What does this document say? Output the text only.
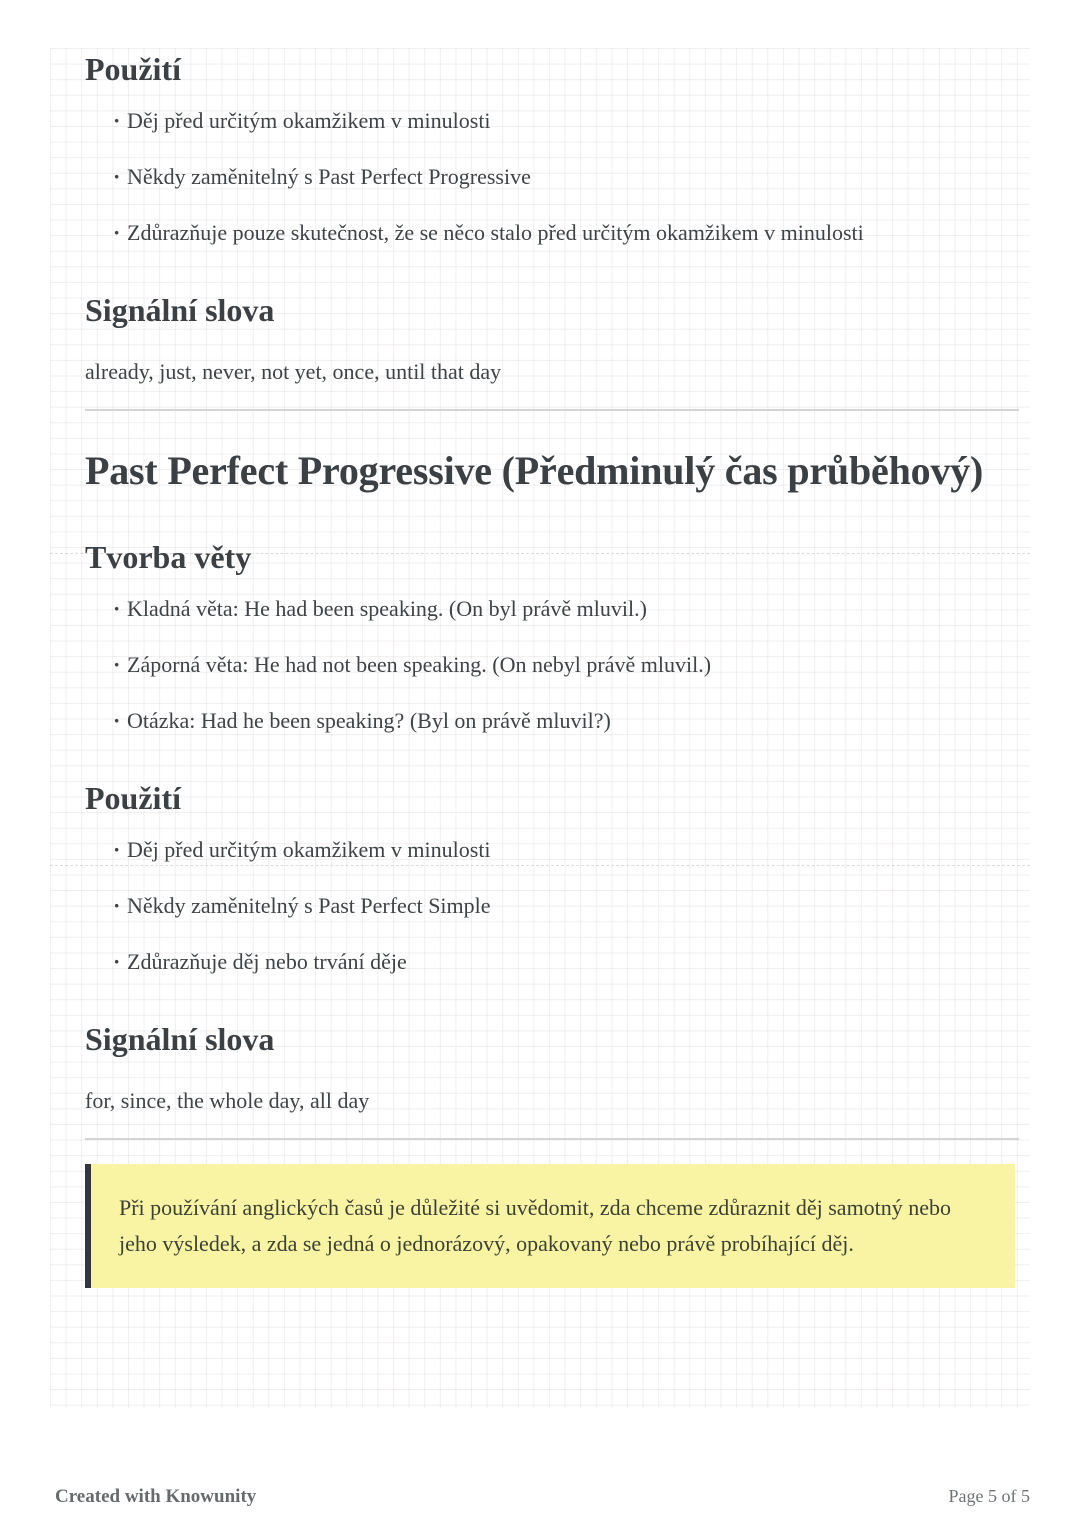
Použití
· Děj před určitým okamžikem v minulosti
· Někdy zaměnitelný s Past Perfect Progressive
· Zdůrazňuje pouze skutečnost, že se něco stalo před určitým okamžikem v minulosti
Signální slova

already, just, never, not yet, once, until that day

Past Perfect Progressive (Předminulý čas průběhový)
Tvorba věty
· Kladná věta: He had been speaking. (On byl právě mluvil.)
· Záporná věta: He had not been speaking. (On nebyl právě mluvil.)
· Otázka: Had he been speaking? (Byl on právě mluvil?)
Použití
· Děj před určitým okamžikem v minulosti
· Někdy zaměnitelný s Past Perfect Simple
· Zdůrazňuje děj nebo trvání děje
Signální slova

for, since, the whole day, all day

Při používání anglických časů je důležité si uvědomit, zda chceme zdůraznit děj samotný nebo jeho výsledek, a zda se jedná o jednorázový, opakovaný nebo právě probíhající děj.
Created with Knowunity	Page 5 of 5
